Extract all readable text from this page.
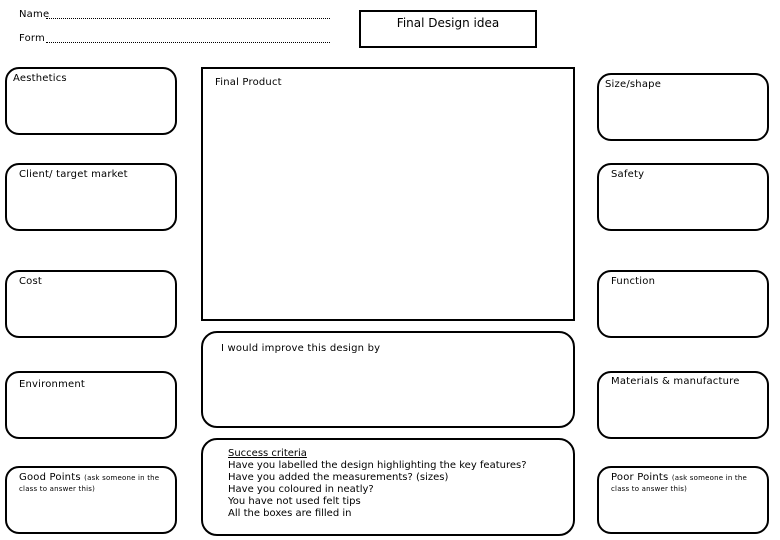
Name
Form
Final Design idea
Aesthetics
Client/ target market
Cost
Environment
Good Points (ask someone in the
class to answer this)
Size/shape
Safety
Function
Materials & manufacture
Poor Points (ask someone in the
class to answer this)
Final Product
I would improve this design by
Success criteria
Have you labelled the design highlighting the key features?
Have you added the measurements? (sizes)
Have you coloured in neatly?
You have not used felt tips
All the boxes are filled in
